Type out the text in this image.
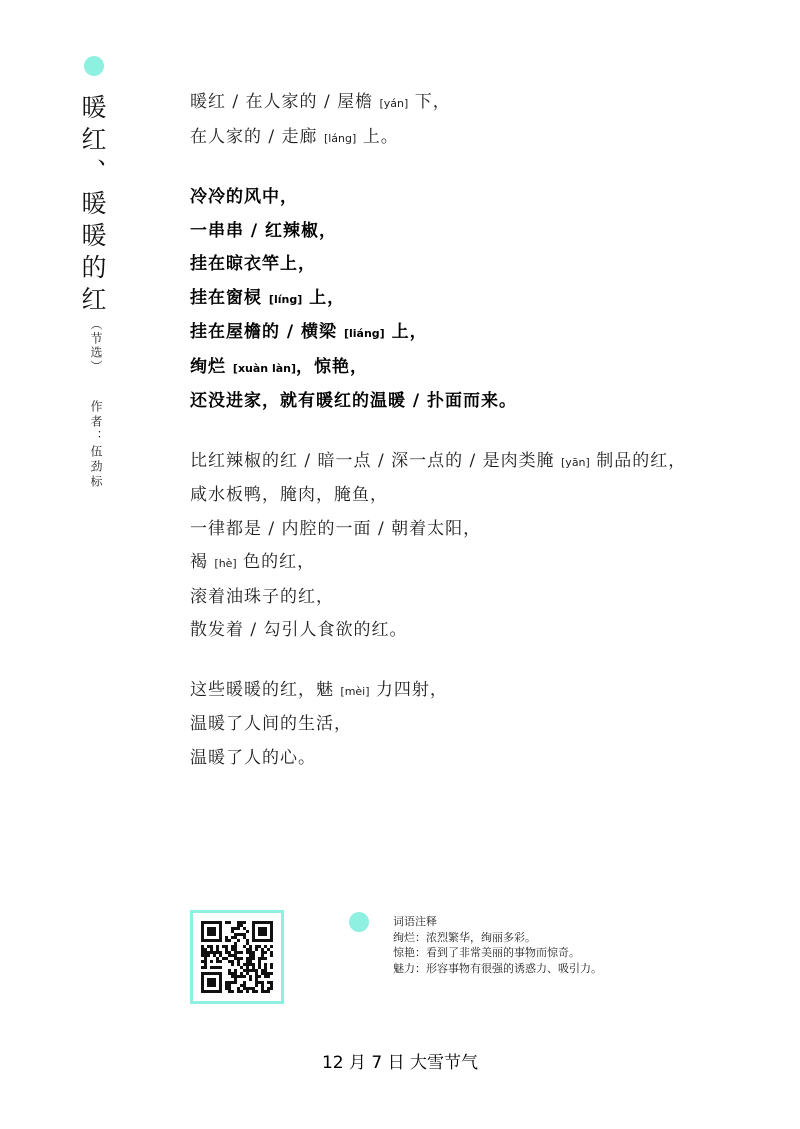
暖红、暖暖的红
（节选）
作者：伍劲标
暖红 / 在人家的 / 屋檐 [yán] 下，
在人家的 / 走廊 [láng] 上。
冷冷的风中，
一串串 / 红辣椒，
挂在晾衣竿上，
挂在窗棂 [líng] 上，
挂在屋檐的 / 横梁 [liáng] 上，
绚烂 [xuàn làn]，惊艳，
还没进家，就有暖红的温暖 / 扑面而来。
比红辣椒的红 / 暗一点 / 深一点的 / 是肉类腌 [yān] 制品的红，
咸水板鸭，腌肉，腌鱼，
一律都是 / 内腔的一面 / 朝着太阳，
褐 [hè] 色的红，
滚着油珠子的红，
散发着 / 勾引人食欲的红。
这些暖暖的红，魅 [mèi] 力四射，
温暖了人间的生活，
温暖了人的心。
词语注释
绚烂：浓烈繁华，绚丽多彩。
惊艳：看到了非常美丽的事物而惊奇。
魅力：形容事物有很强的诱惑力、吸引力。
12 月 7 日 大雪节气
